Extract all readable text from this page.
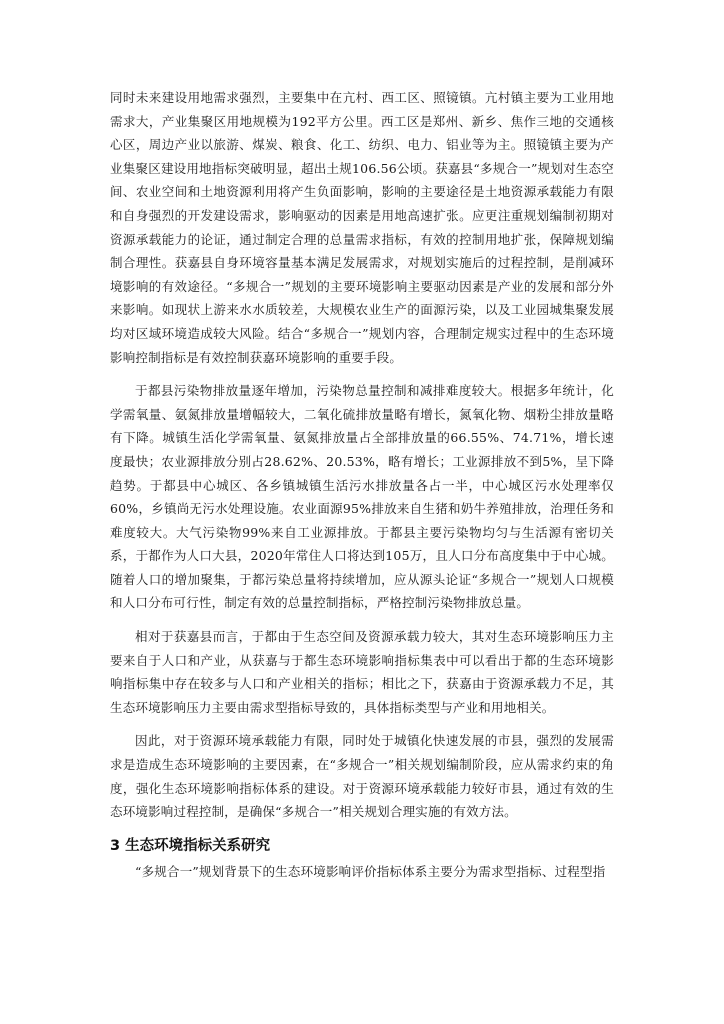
同时未来建设用地需求强烈，主要集中在亢村、西工区、照镜镇。亢村镇主要为工业用地需求大，产业集聚区用地规模为192平方公里。西工区是郑州、新乡、焦作三地的交通核心区，周边产业以旅游、煤炭、粮食、化工、纺织、电力、铝业等为主。照镜镇主要为产业集聚区建设用地指标突破明显，超出土规106.56公顷。获嘉县“多规合一”规划对生态空间、农业空间和土地资源利用将产生负面影响，影响的主要途径是土地资源承载能力有限和自身强烈的开发建设需求，影响驱动的因素是用地高速扩张。应更注重规划编制初期对资源承载能力的论证，通过制定合理的总量需求指标，有效的控制用地扩张，保障规划编制合理性。获嘉县自身环境容量基本满足发展需求，对规划实施后的过程控制，是削减环境影响的有效途径。“多规合一”规划的主要环境影响主要驱动因素是产业的发展和部分外来影响。如现状上游来水水质较差，大规模农业生产的面源污染，以及工业园城集聚发展均对区域环境造成较大风险。结合“多规合一”规划内容，合理制定规实过程中的生态环境影响控制指标是有效控制获嘉环境影响的重要手段。

于都县污染物排放量逐年增加，污染物总量控制和减排难度较大。根据多年统计，化学需氧量、氨氮排放量增幅较大，二氧化硫排放量略有增长，氮氧化物、烟粉尘排放量略有下降。城镇生活化学需氧量、氨氮排放量占全部排放量的66.55%、74.71%，增长速度最快；农业源排放分别占28.62%、20.53%，略有增长；工业源排放不到5%，呈下降趋势。于都县中心城区、各乡镇城镇生活污水排放量各占一半，中心城区污水处理率仅60%，乡镇尚无污水处理设施。农业面源95%排放来自生猪和奶牛养殖排放，治理任务和难度较大。大气污染物99%来自工业源排放。于都县主要污染物均匀与生活源有密切关系，于都作为人口大县，2020年常住人口将达到105万，且人口分布高度集中于中心城。随着人口的增加聚集，于都污染总量将持续增加，应从源头论证“多规合一”规划人口规模和人口分布可行性，制定有效的总量控制指标，严格控制污染物排放总量。

相对于获嘉县而言，于都由于生态空间及资源承载力较大，其对生态环境影响压力主要来自于人口和产业，从获嘉与于都生态环境影响指标集表中可以看出于都的生态环境影响指标集中存在较多与人口和产业相关的指标；相比之下，获嘉由于资源承载力不足，其生态环境影响压力主要由需求型指标导致的，具体指标类型与产业和用地相关。

因此，对于资源环境承载能力有限，同时处于城镇化快速发展的市县，强烈的发展需求是造成生态环境影响的主要因素，在“多规合一”相关规划编制阶段，应从需求约束的角度，强化生态环境影响指标体系的建设。对于资源环境承载能力较好市县，通过有效的生态环境影响过程控制，是确保“多规合一”相关规划合理实施的有效方法。

3 生态环境指标关系研究

“多规合一”规划背景下的生态环境影响评价指标体系主要分为需求型指标、过程型指
